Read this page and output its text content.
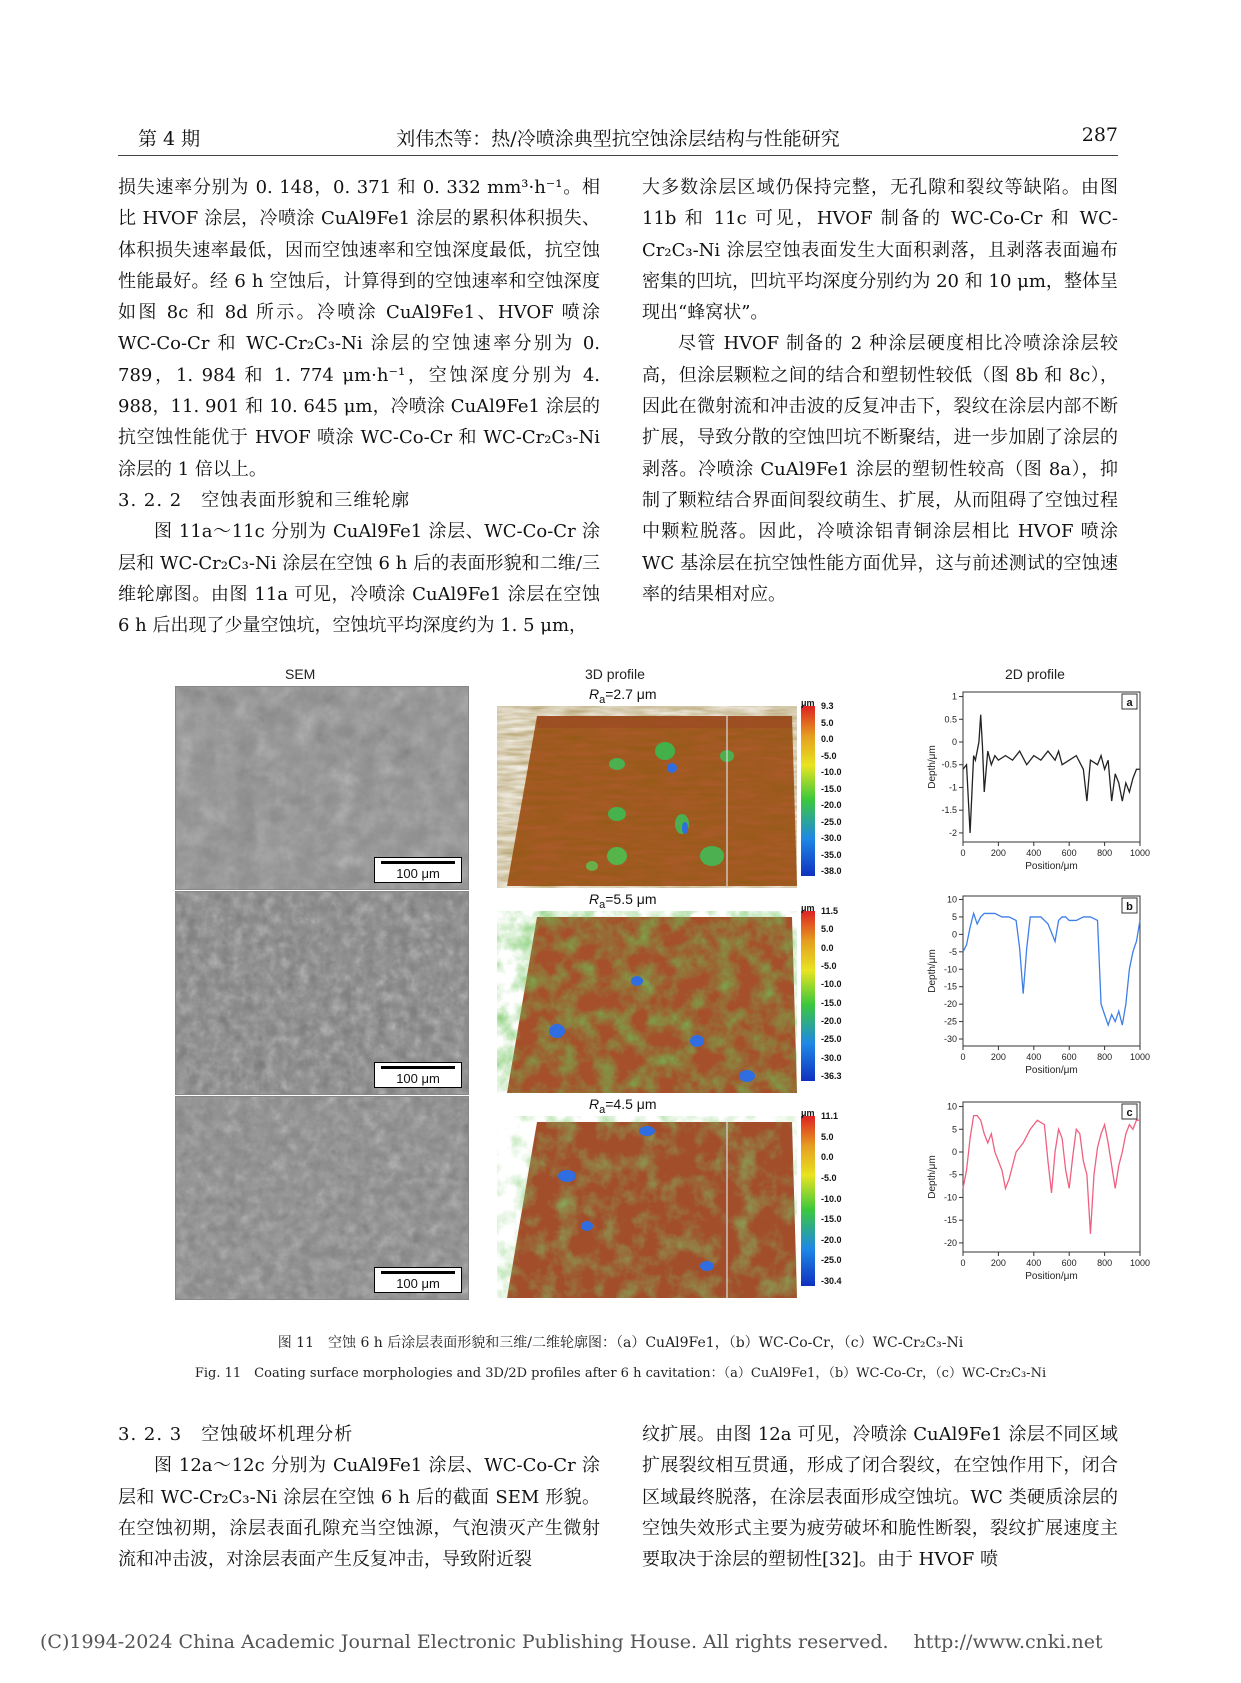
第 4 期	刘伟杰等：热/冷喷涂典型抗空蚀涂层结构与性能研究	287

损失速率分别为 0. 148，0. 371 和 0. 332 mm³·h⁻¹。相比 HVOF 涂层，冷喷涂 CuAl9Fe1 涂层的累积体积损失、体积损失速率最低，因而空蚀速率和空蚀深度最低，抗空蚀性能最好。经 6 h 空蚀后，计算得到的空蚀速率和空蚀深度如图 8c 和 8d 所示。冷喷涂 CuAl9Fe1、HVOF 喷涂 WC-Co-Cr 和 WC-Cr₂C₃-Ni 涂层的空蚀速率分别为 0. 789，1. 984 和 1. 774 μm·h⁻¹，空蚀深度分别为 4. 988，11. 901 和 10. 645 μm，冷喷涂 CuAl9Fe1 涂层的抗空蚀性能优于 HVOF 喷涂 WC-Co-Cr 和 WC-Cr₂C₃-Ni 涂层的 1 倍以上。

3. 2. 2　空蚀表面形貌和三维轮廓

图 11a～11c 分别为 CuAl9Fe1 涂层、WC-Co-Cr 涂层和 WC-Cr₂C₃-Ni 涂层在空蚀 6 h 后的表面形貌和二维/三维轮廓图。由图 11a 可见，冷喷涂 CuAl9Fe1 涂层在空蚀 6 h 后出现了少量空蚀坑，空蚀坑平均深度约为 1. 5 μm，

大多数涂层区域仍保持完整，无孔隙和裂纹等缺陷。由图 11b 和 11c 可见，HVOF 制备的 WC-Co-Cr 和 WC-Cr₂C₃-Ni 涂层空蚀表面发生大面积剥落，且剥落表面遍布密集的凹坑，凹坑平均深度分别约为 20 和 10 μm，整体呈现出“蜂窝状”。

尽管 HVOF 制备的 2 种涂层硬度相比冷喷涂涂层较高，但涂层颗粒之间的结合和塑韧性较低（图 8b 和 8c），因此在微射流和冲击波的反复冲击下，裂纹在涂层内部不断扩展，导致分散的空蚀凹坑不断聚结，进一步加剧了涂层的剥落。冷喷涂 CuAl9Fe1 涂层的塑韧性较高（图 8a），抑制了颗粒结合界面间裂纹萌生、扩展，从而阻碍了空蚀过程中颗粒脱落。因此，冷喷涂铝青铜涂层相比 HVOF 喷涂 WC 基涂层在抗空蚀性能方面优异，这与前述测试的空蚀速率的结果相对应。

SEM	3D profile	2D profile
100 μm
100 μm
100 μm
$R_a=2.7$ μm
μm 9.3
5.0
0.0
-5.0
-10.0
-15.0
-20.0
-25.0
-30.0
-35.0
-38.0
$R_a=5.5$ μm
μm 11.5
5.0
0.0
-5.0
-10.0
-15.0
-20.0
-25.0
-30.0
-36.3
$R_a=4.5$ μm
μm 11.1
5.0
0.0
-5.0
-10.0
-15.0
-20.0
-25.0
-30.4
0	200 400 600 800 1000
1
0.5
0
-0.5
-1
-1.5
-2
Position/μm
Depth/μm
a
0	200 400 600 800 1000
10
5
0
-5
-10
-15
-20
-25
-30
Position/μm
Depth/μm
b
0	200 400 600 800 1000
10
5
0
-5
-10
-15
-20
Position/μm
Depth/μm
c
图 11　空蚀 6 h 后涂层表面形貌和三维/二维轮廓图：（a）CuAl9Fe1，（b）WC-Co-Cr，（c）WC-Cr₂C₃-Ni
Fig. 11　Coating surface morphologies and 3D/2D profiles after 6 h cavitation：（a）CuAl9Fe1，（b）WC-Co-Cr，（c）WC-Cr₂C₃-Ni

3. 2. 3　空蚀破坏机理分析

图 12a～12c 分别为 CuAl9Fe1 涂层、WC-Co-Cr 涂层和 WC-Cr₂C₃-Ni 涂层在空蚀 6 h 后的截面 SEM 形貌。在空蚀初期，涂层表面孔隙充当空蚀源，气泡溃灭产生微射流和冲击波，对涂层表面产生反复冲击，导致附近裂

纹扩展。由图 12a 可见，冷喷涂 CuAl9Fe1 涂层不同区域扩展裂纹相互贯通，形成了闭合裂纹，在空蚀作用下，闭合区域最终脱落，在涂层表面形成空蚀坑。WC 类硬质涂层的空蚀失效形式主要为疲劳破坏和脆性断裂，裂纹扩展速度主要取决于涂层的塑韧性[32]。由于 HVOF 喷

(C)1994-2024 China Academic Journal Electronic Publishing House. All rights reserved.　 http://www.cnki.net
